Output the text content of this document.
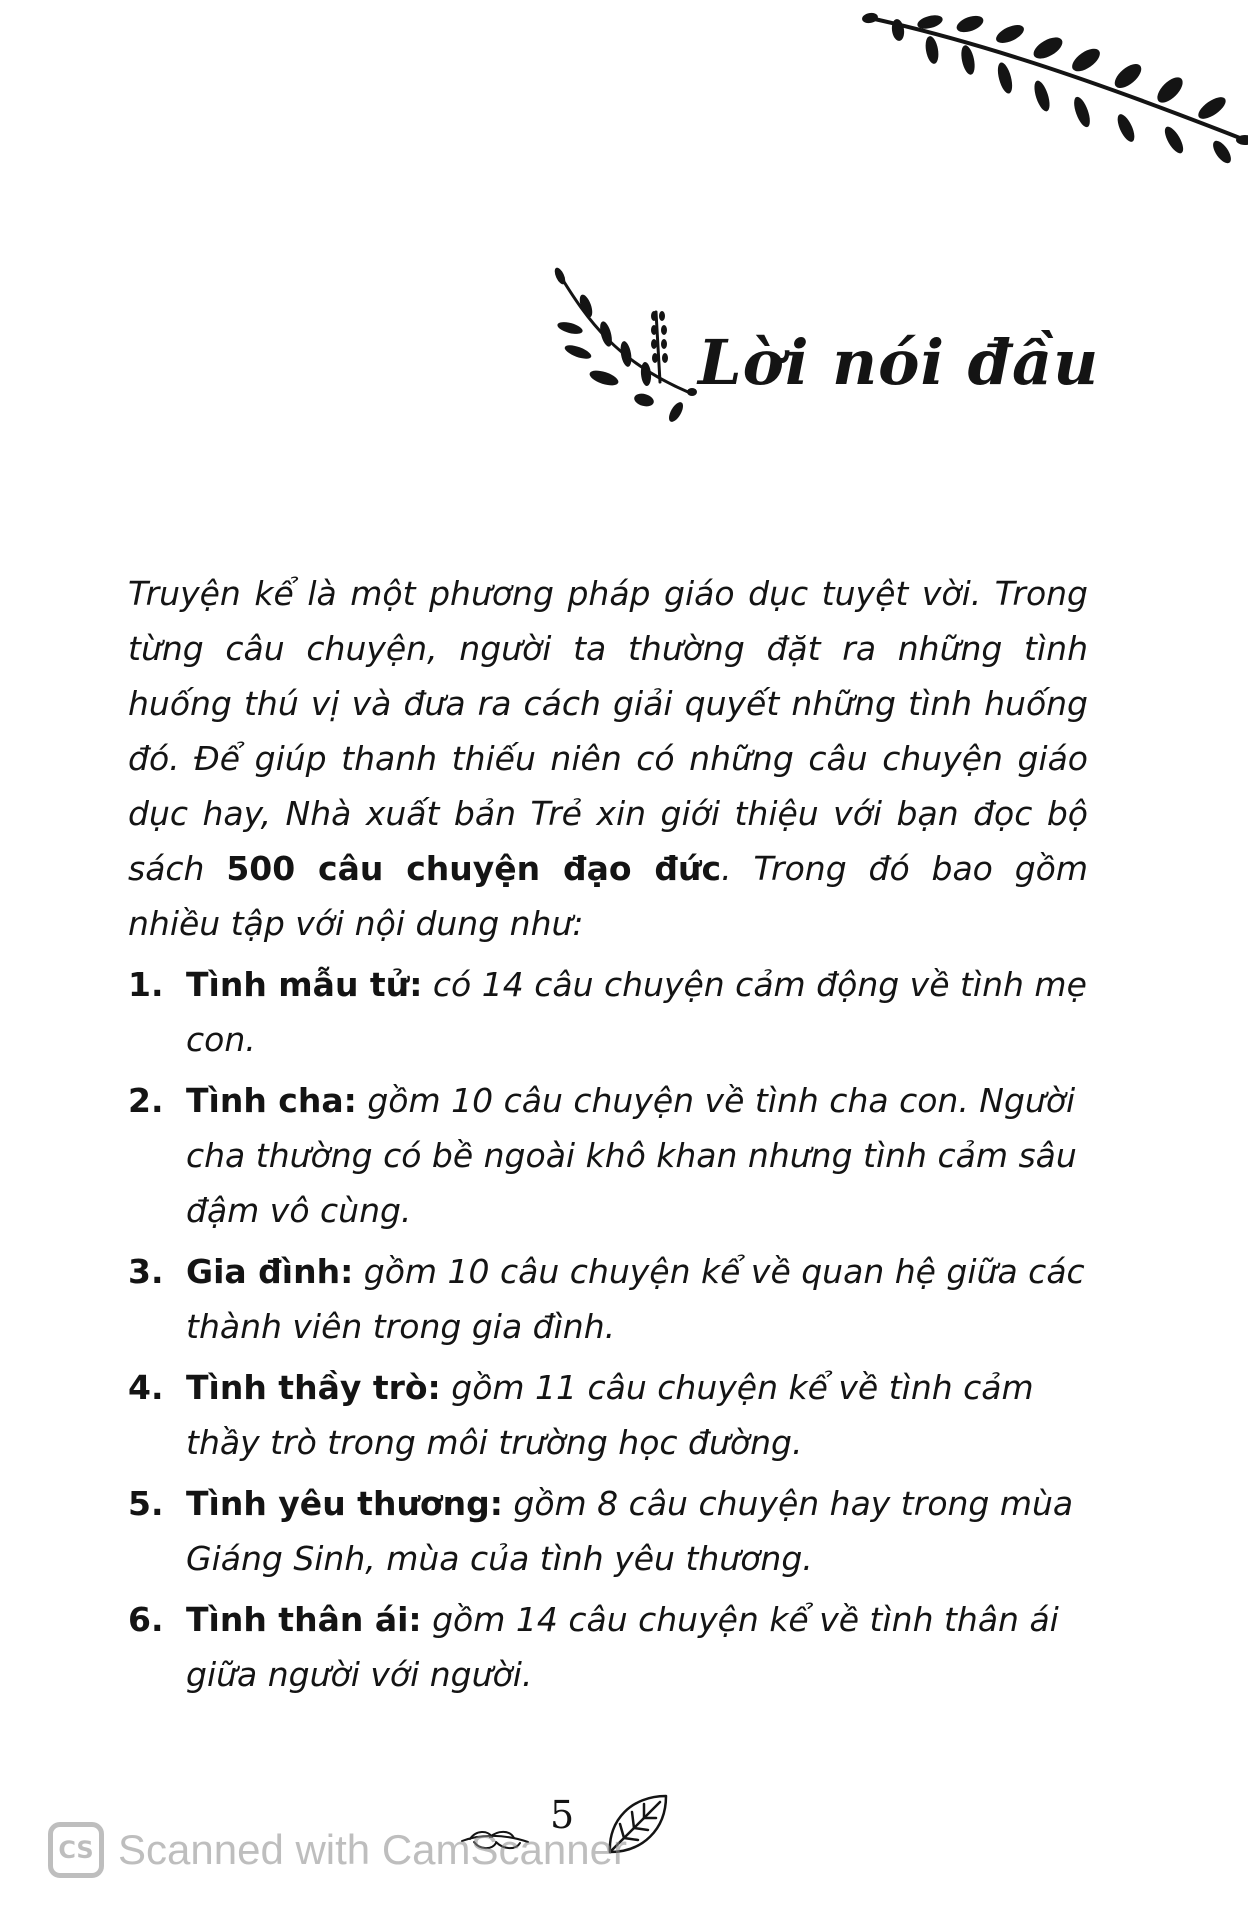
Lời nói đầu

Truyện kể là một phương pháp giáo dục tuyệt vời. Trong từng câu chuyện, người ta thường đặt ra những tình huống thú vị và đưa ra cách giải quyết những tình huống đó. Để giúp thanh thiếu niên có những câu chuyện giáo dục hay, Nhà xuất bản Trẻ xin giới thiệu với bạn đọc bộ sách 500 câu chuyện đạo đức. Trong đó bao gồm nhiều tập với nội dung như:

1. Tình mẫu tử: có 14 câu chuyện cảm động về tình mẹ con.
2. Tình cha: gồm 10 câu chuyện về tình cha con. Người cha thường có bề ngoài khô khan nhưng tình cảm sâu đậm vô cùng.
3. Gia đình: gồm 10 câu chuyện kể về quan hệ giữa các thành viên trong gia đình.
4. Tình thầy trò: gồm 11 câu chuyện kể về tình cảm thầy trò trong môi trường học đường.
5. Tình yêu thương: gồm 8 câu chuyện hay trong mùa Giáng Sinh, mùa của tình yêu thương.
6. Tình thân ái: gồm 14 câu chuyện kể về tình thân ái giữa người với người.
5
CS Scanned with CamScanner
